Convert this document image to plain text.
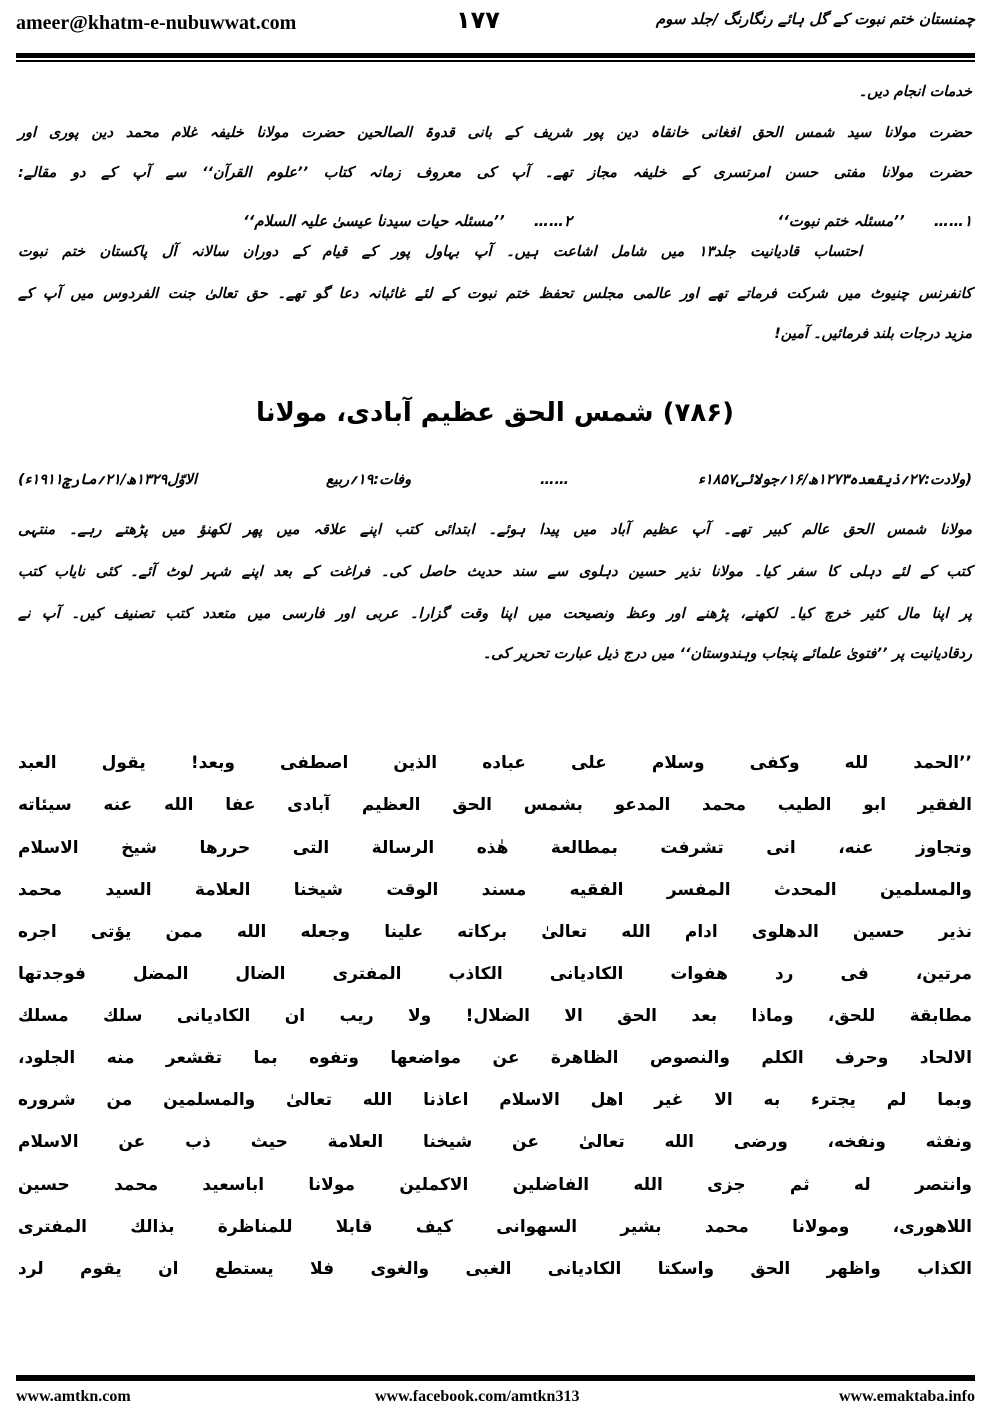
ameer@khatm-e-nubuwwat.com	۱۷۷	چمنستان ختم نبوت کے گل ہائے رنگارنگ /جلد سوم
خدمات انجام دیں۔
حضرت مولانا سید شمس الحق افغانی خانقاہ دین پور شریف کے بانی قدوۃ الصالحین حضرت مولانا خلیفہ غلام محمد دین پوری اور
حضرت مولانا مفتی حسن امرتسری کے خلیفہ مجاز تھے۔ آپ کی معروف زمانہ کتاب ’’علوم القرآن‘‘ سے آپ کے دو مقالے:
۱…… ’’مسئلہ ختم نبوت‘‘
۲…… ’’مسئلہ حیات سیدنا عیسیٰ علیہ السلام‘‘
احتساب قادیانیت جلد۱۳ میں شامل اشاعت ہیں۔ آپ بہاول پور کے قیام کے دوران سالانہ آل پاکستان ختم نبوت
کانفرنس چنیوٹ میں شرکت فرماتے تھے اور عالمی مجلس تحفظ ختم نبوت کے لئے غائبانہ دعا گو تھے۔ حق تعالیٰ جنت الفردوس میں آپ کے
مزید درجات بلند فرمائیں۔ آمین!
(۷۸۶) شمس الحق عظیم آبادی، مولانا
(ولادت:۲۷؍ذیقعدہ۱۲۷۳ھ/۱۶؍جولائی۱۸۵۷ء …… وفات:۱۹؍ربیع الاوّل۱۳۲۹ھ/۲۱؍مارچ۱۹۱۱ء)
مولانا شمس الحق عالم کبیر تھے۔ آپ عظیم آباد میں پیدا ہوئے۔ ابتدائی کتب اپنے علاقہ میں پھر لکھنؤ میں پڑھتے رہے۔ منتہی
کتب کے لئے دہلی کا سفر کیا۔ مولانا نذیر حسین دہلوی سے سند حدیث حاصل کی۔ فراغت کے بعد اپنے شہر لوٹ آئے۔ کئی نایاب کتب
پر اپنا مال کثیر خرچ کیا۔ لکھنے، پڑھنے اور وعظ ونصیحت میں اپنا وقت گزارا۔ عربی اور فارسی میں متعدد کتب تصنیف کیں۔ آپ نے
ردقادیانیت پر ’’فتویٰ علمائے پنجاب وہندوستان‘‘ میں درج ذیل عبارت تحریر کی۔
’’الحمد لله وكفى وسلام على عباده الذين اصطفى وبعد! يقول العبد
الفقير ابو الطيب محمد المدعو بشمس الحق العظيم آبادى عفا الله عنه سيئاته
وتجاوز عنه، انى تشرفت بمطالعة هٰذه الرسالة التى حررها شيخ الاسلام
والمسلمين المحدث المفسر الفقيه مسند الوقت شيخنا العلامة السيد محمد
نذير حسين الدهلوى ادام الله تعالىٰ بركاته علينا وجعله الله ممن يؤتى اجره
مرتين، فى رد هفوات الكاديانى الكاذب المفترى الضال المضل فوجدتها
مطابقة للحق، وماذا بعد الحق الا الضلال! ولا ريب ان الكاديانى سلك مسلك
الالحاد وحرف الكلم والنصوص الظاهرة عن مواضعها وتفوه بما تقشعر منه الجلود،
وبما لم يجترء به الا غير اهل الاسلام اعاذنا الله تعالىٰ والمسلمين من شروره
ونفثه ونفخه، ورضى الله تعالىٰ عن شيخنا العلامة حيث ذب عن الاسلام
وانتصر له ثم جزى الله الفاضلين الاكملين مولانا اباسعيد محمد حسين
اللاهورى، ومولانا محمد بشير السهوانى كيف قابلا للمناظرة بذالك المفترى
الكذاب واظهر الحق واسكتا الكاديانى الغبى والغوى فلا يستطع ان يقوم لرد
www.amtkn.com	www.facebook.com/amtkn313	www.emaktaba.info
